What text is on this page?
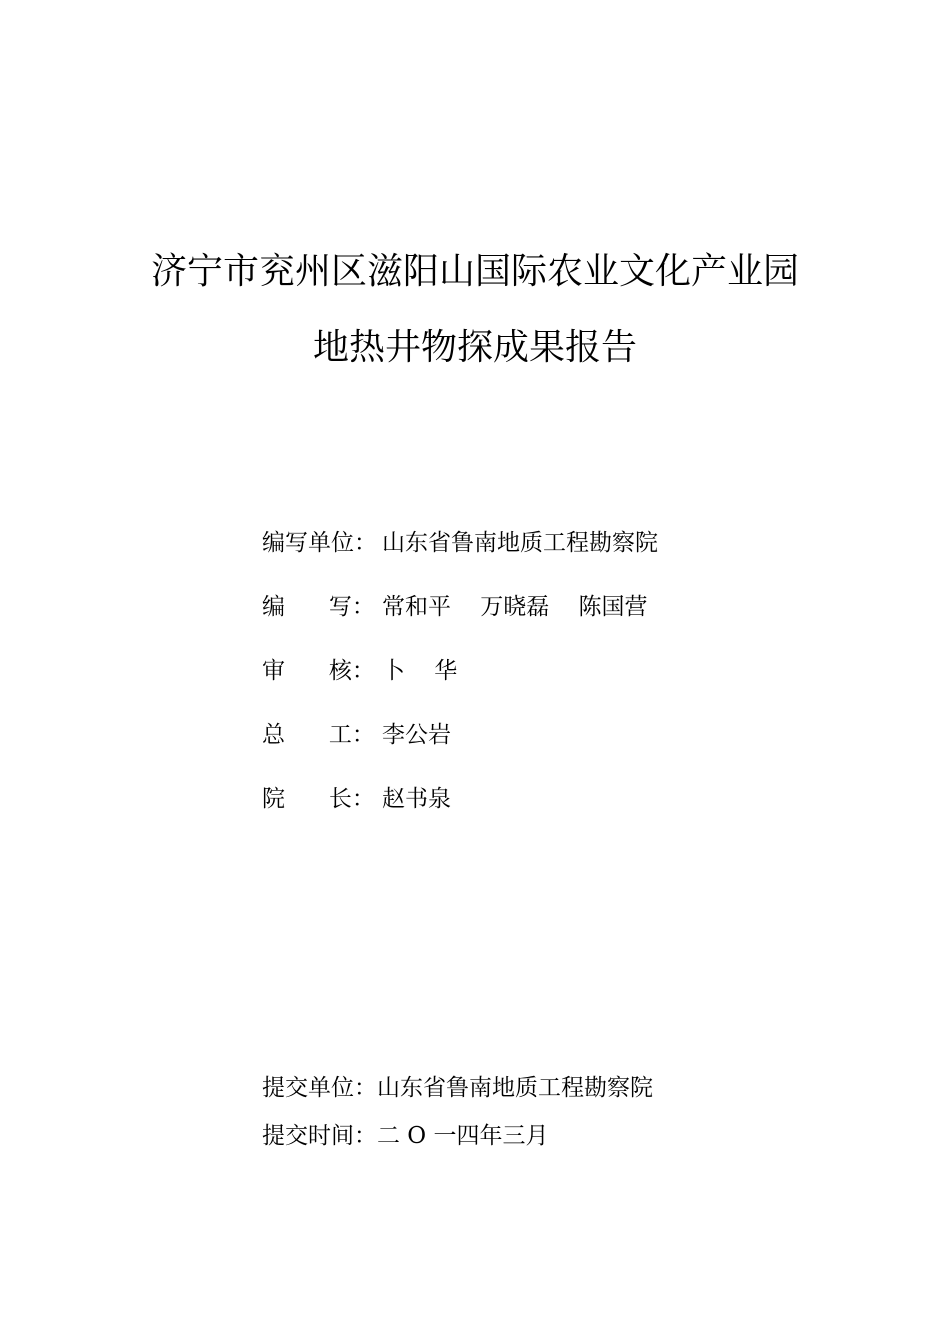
济宁市兖州区滋阳山国际农业文化产业园
地热井物探成果报告
编写单位： 山东省鲁南地质工程勘察院
编      写： 常和平    万晓磊    陈国营
审      核： 卜    华
总      工： 李公岩
院      长： 赵书泉
提交单位：山东省鲁南地质工程勘察院
提交时间：二 O 一四年三月
